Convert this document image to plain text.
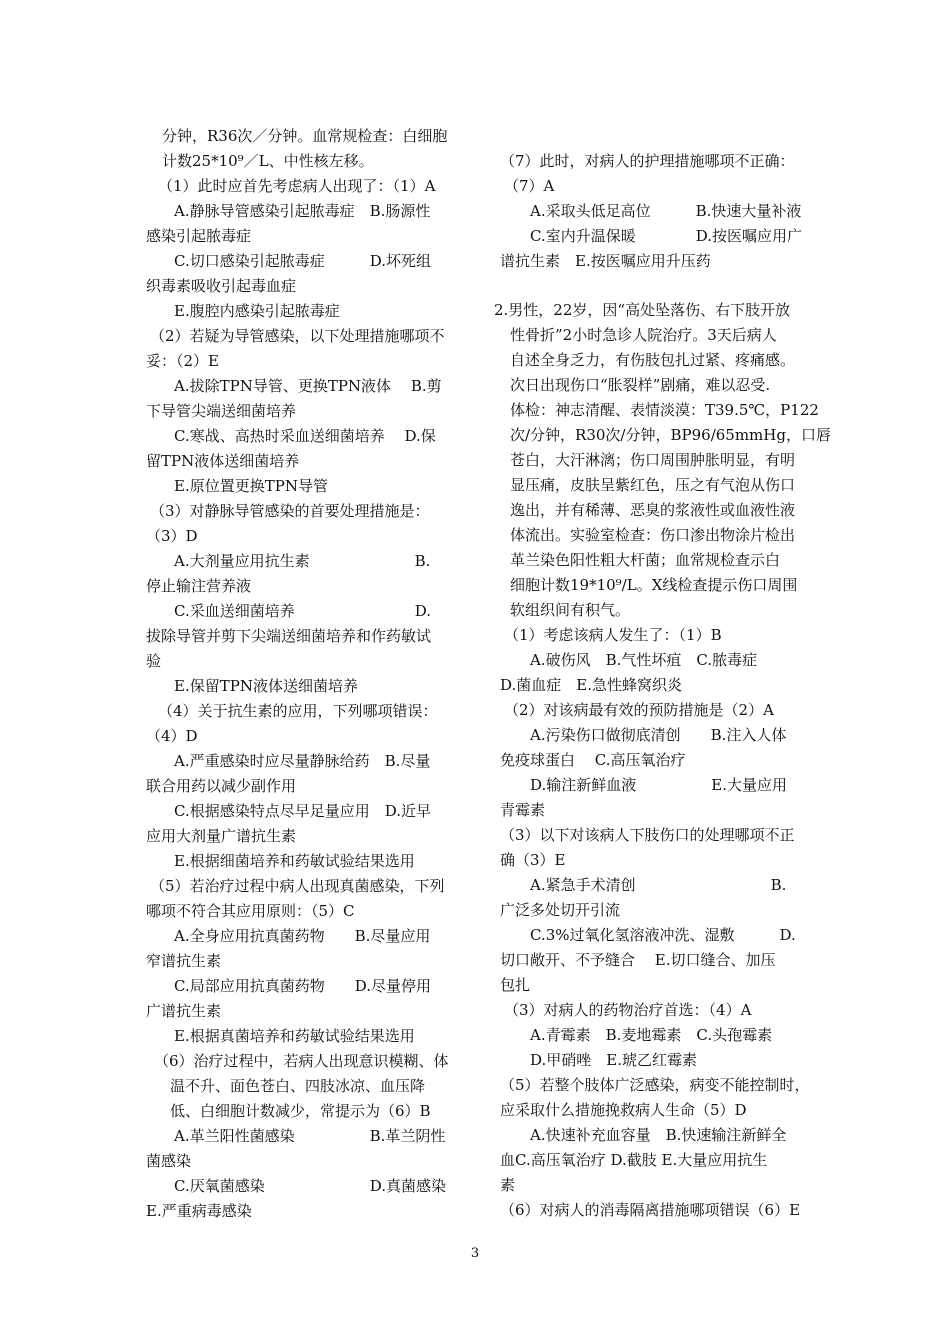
分钟，R36次／分钟。血常规检查：白细胞
计数25*10⁹／L、中性核左移。
（1）此时应首先考虑病人出现了：（1）A
A.静脉导管感染引起脓毒症　B.肠源性
感染引起脓毒症
C.切口感染引起脓毒症　　　D.坏死组
织毒素吸收引起毒血症
E.腹腔内感染引起脓毒症
（2）若疑为导管感染，以下处理措施哪项不
妥：（2）E
A.拔除TPN导管、更换TPN液体　 B.剪
下导管尖端送细菌培养
C.寒战、高热时采血送细菌培养　 D.保
留TPN液体送细菌培养
E.原位置更换TPN导管
（3）对静脉导管感染的首要处理措施是：
（3）D
A.大剂量应用抗生素　　　　　　　B.
停止输注营养液
C.采血送细菌培养　　　　　　　　D.
拔除导管并剪下尖端送细菌培养和作药敏试
验
E.保留TPN液体送细菌培养
（4）关于抗生素的应用，下列哪项错误：
（4）D
A.严重感染时应尽量静脉给药　B.尽量
联合用药以减少副作用
C.根据感染特点尽早足量应用　D.近早
应用大剂量广谱抗生素
E.根据细菌培养和药敏试验结果选用
（5）若治疗过程中病人出现真菌感染，下列
哪项不符合其应用原则：（5）C
A.全身应用抗真菌药物　　B.尽量应用
窄谱抗生素
C.局部应用抗真菌药物　　D.尽量停用
广谱抗生素
E.根据真菌培养和药敏试验结果选用
（6）治疗过程中，若病人出现意识模糊、体
温不升、面色苍白、四肢冰凉、血压降
低、白细胞计数减少，常提示为（6）B
A.革兰阳性菌感染　　　　　B.革兰阴性
菌感染
C.厌氧菌感染　　　　　　　D.真菌感染
E.严重病毒感染
（7）此时，对病人的护理措施哪项不正确：
（7）A
A.采取头低足高位　　　B.快速大量补液
C.室内升温保暖　　　　D.按医嘱应用广
谱抗生素　E.按医嘱应用升压药
2.男性，22岁，因“高处坠落伤、右下肢开放
性骨折”2小时急诊人院治疗。3天后病人
自述全身乏力，有伤肢包扎过紧、疼痛感。
次日出现伤口“胀裂样”剧痛，难以忍受.
体检：神志清醒、表情淡漠：T39.5℃，P122
次/分钟，R30次/分钟，BP96/65mmHg，口唇
苍白，大汗淋漓；伤口周围肿胀明显，有明
显压痛，皮肤呈紫红色，压之有气泡从伤口
逸出，并有稀薄、恶臭的浆液性或血液性液
体流出。实验室检查：伤口渗出物涂片检出
革兰染色阳性粗大杆菌；血常规检查示白
细胞计数19*10⁹/L。X线检查提示伤口周围
软组织间有积气。
（1）考虑该病人发生了：（1）B
A.破伤风　B.气性坏疽　C.脓毒症
D.菌血症　E.急性蜂窝织炎
（2）对该病最有效的预防措施是（2）A
A.污染伤口做彻底清创　　B.注入人体
免疫球蛋白　 C.高压氧治疗
D.输注新鲜血液　　　　　E.大量应用
青霉素
（3）以下对该病人下肢伤口的处理哪项不正
确（3）E
A.紧急手术清创　　　　　　　　　B.
广泛多处切开引流
C.3%过氧化氢溶液冲洗、湿敷　　　D.
切口敞开、不予缝合　 E.切口缝合、加压
包扎
（3）对病人的药物治疗首选：（4）A
A.青霉素　B.麦地霉素　C.头孢霉素
D.甲硝唑　E.琥乙红霉素
（5）若整个肢体广泛感染，病变不能控制时，
应采取什么措施挽救病人生命（5）D
A.快速补充血容量　B.快速输注新鲜全
血C.高压氧治疗 D.截肢 E.大量应用抗生
素
（6）对病人的消毒隔离措施哪项错误（6）E
3
